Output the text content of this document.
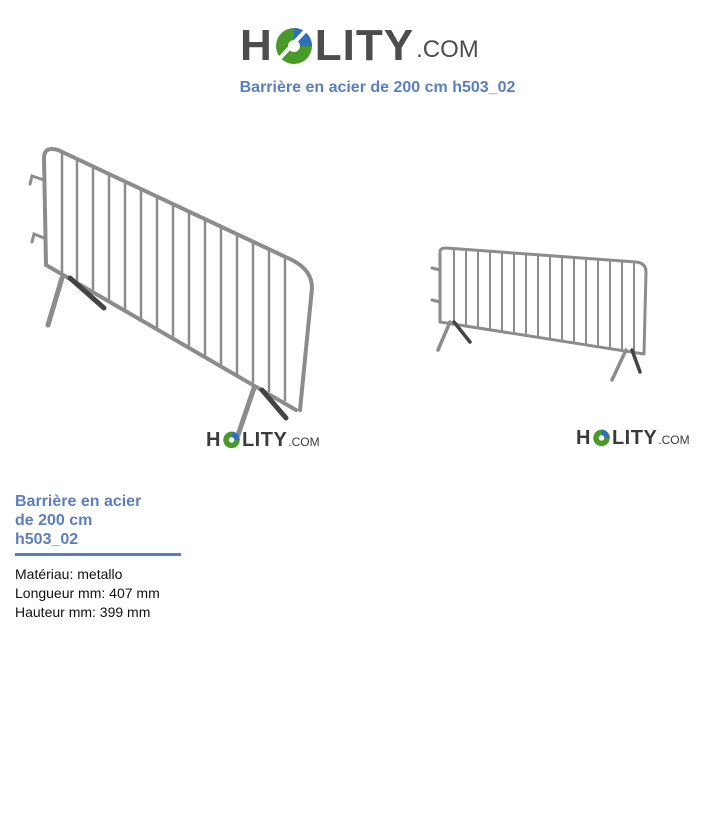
H LITY .COM
Barrière en acier de 200 cm h503_02
H LITY .COM	H LITY .COM
Barrière en acier de 200 cm h503_02
Matériau: metallo
Longueur mm: 407 mm
Hauteur mm: 399 mm
